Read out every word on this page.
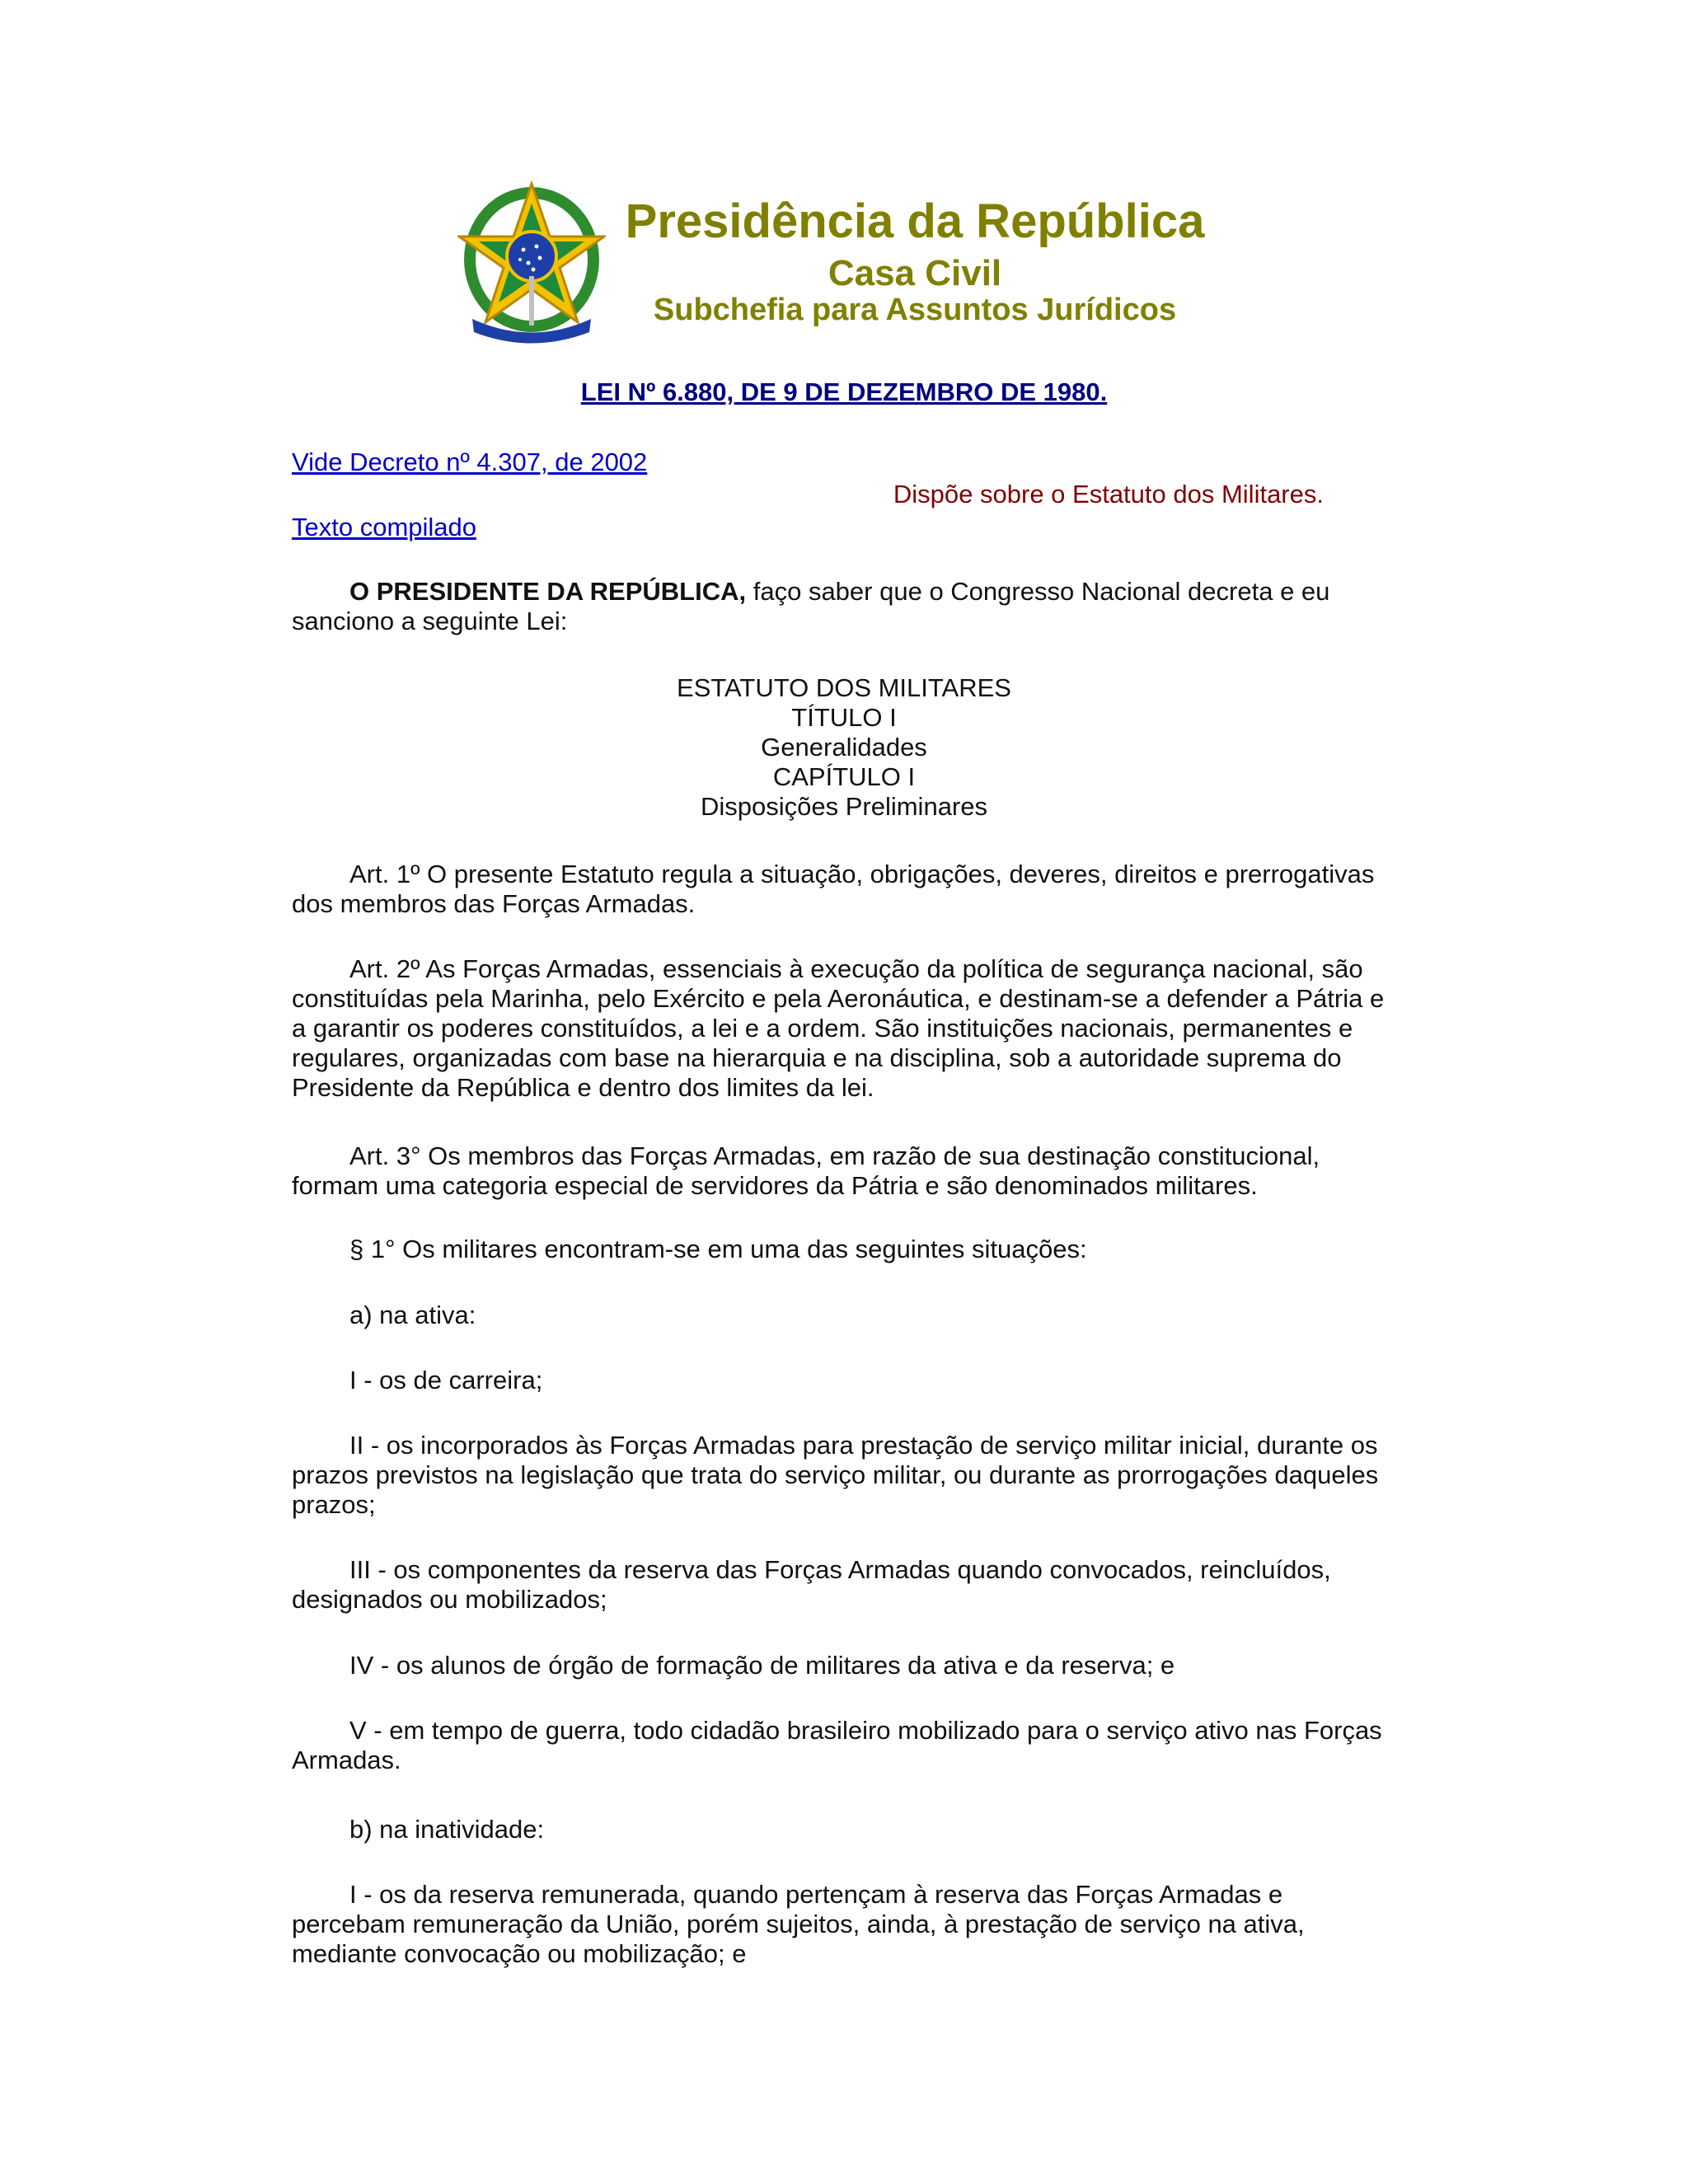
Presidência da República
Casa Civil
Subchefia para Assuntos Jurídicos
LEI Nº 6.880, DE 9 DE DEZEMBRO DE 1980.
Vide Decreto nº 4.307, de 2002
Texto compilado
Dispõe sobre o Estatuto dos Militares.

O PRESIDENTE DA REPÚBLICA, faço saber que o Congresso Nacional decreta e eu sanciono a seguinte Lei:

ESTATUTO DOS MILITARES
TÍTULO I
Generalidades
CAPÍTULO I
Disposições Preliminares

Art. 1º O presente Estatuto regula a situação, obrigações, deveres, direitos e prerrogativas dos membros das Forças Armadas.

Art. 2º As Forças Armadas, essenciais à execução da política de segurança nacional, são constituídas pela Marinha, pelo Exército e pela Aeronáutica, e destinam-se a defender a Pátria e a garantir os poderes constituídos, a lei e a ordem. São instituições nacionais, permanentes e regulares, organizadas com base na hierarquia e na disciplina, sob a autoridade suprema do Presidente da República e dentro dos limites da lei.

Art. 3° Os membros das Forças Armadas, em razão de sua destinação constitucional, formam uma categoria especial de servidores da Pátria e são denominados militares.

§ 1° Os militares encontram-se em uma das seguintes situações:

a) na ativa:

I - os de carreira;

II - os incorporados às Forças Armadas para prestação de serviço militar inicial, durante os prazos previstos na legislação que trata do serviço militar, ou durante as prorrogações daqueles prazos;

III - os componentes da reserva das Forças Armadas quando convocados, reincluídos, designados ou mobilizados;

IV - os alunos de órgão de formação de militares da ativa e da reserva; e

V - em tempo de guerra, todo cidadão brasileiro mobilizado para o serviço ativo nas Forças Armadas.

b) na inatividade:

I - os da reserva remunerada, quando pertençam à reserva das Forças Armadas e percebam remuneração da União, porém sujeitos, ainda, à prestação de serviço na ativa, mediante convocação ou mobilização; e
